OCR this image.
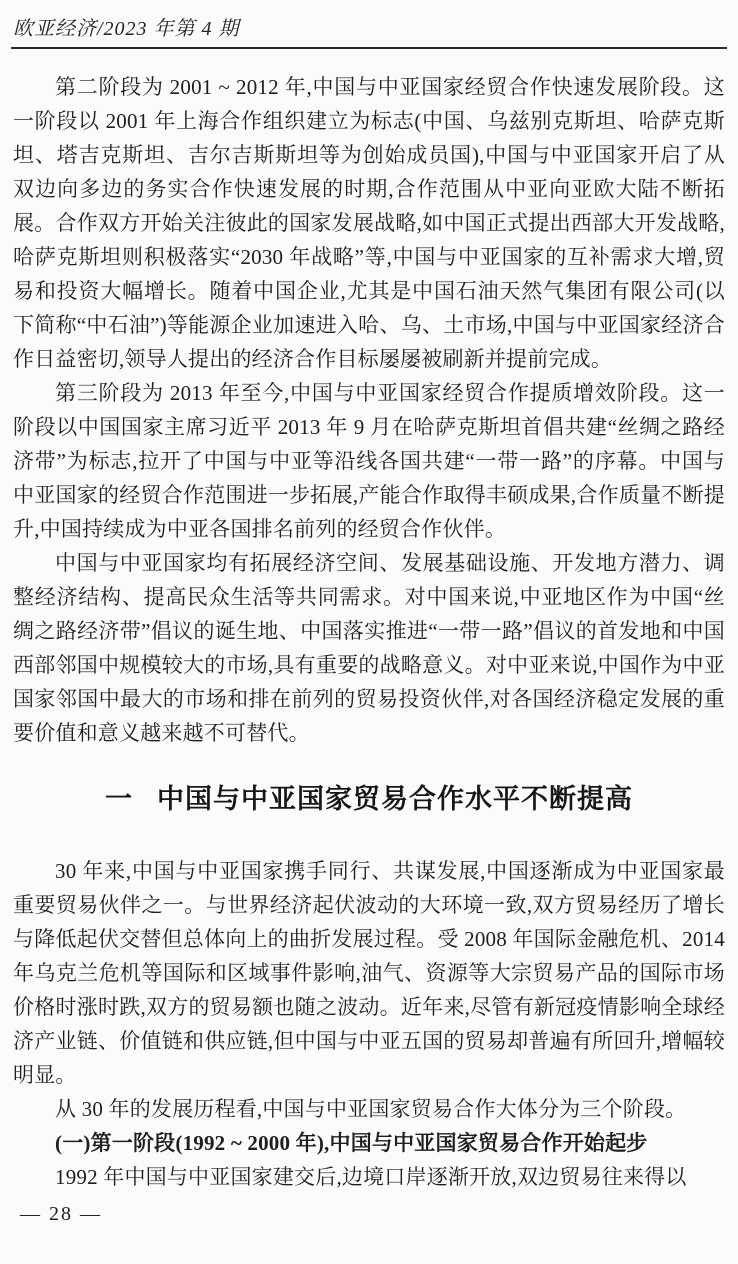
欧亚经济/2023 年第 4 期

第二阶段为 2001 ~ 2012 年,中国与中亚国家经贸合作快速发展阶段。这一阶段以 2001 年上海合作组织建立为标志(中国、乌兹别克斯坦、哈萨克斯坦、塔吉克斯坦、吉尔吉斯斯坦等为创始成员国),中国与中亚国家开启了从双边向多边的务实合作快速发展的时期,合作范围从中亚向亚欧大陆不断拓展。合作双方开始关注彼此的国家发展战略,如中国正式提出西部大开发战略,哈萨克斯坦则积极落实“2030 年战略”等,中国与中亚国家的互补需求大增,贸易和投资大幅增长。随着中国企业,尤其是中国石油天然气集团有限公司(以下简称“中石油”)等能源企业加速进入哈、乌、土市场,中国与中亚国家经济合作日益密切,领导人提出的经济合作目标屡屡被刷新并提前完成。

第三阶段为 2013 年至今,中国与中亚国家经贸合作提质增效阶段。这一阶段以中国国家主席习近平 2013 年 9 月在哈萨克斯坦首倡共建“丝绸之路经济带”为标志,拉开了中国与中亚等沿线各国共建“一带一路”的序幕。中国与中亚国家的经贸合作范围进一步拓展,产能合作取得丰硕成果,合作质量不断提升,中国持续成为中亚各国排名前列的经贸合作伙伴。

中国与中亚国家均有拓展经济空间、发展基础设施、开发地方潜力、调整经济结构、提高民众生活等共同需求。对中国来说,中亚地区作为中国“丝绸之路经济带”倡议的诞生地、中国落实推进“一带一路”倡议的首发地和中国西部邻国中规模较大的市场,具有重要的战略意义。对中亚来说,中国作为中亚国家邻国中最大的市场和排在前列的贸易投资伙伴,对各国经济稳定发展的重要价值和意义越来越不可替代。

一 中国与中亚国家贸易合作水平不断提高

30 年来,中国与中亚国家携手同行、共谋发展,中国逐渐成为中亚国家最重要贸易伙伴之一。与世界经济起伏波动的大环境一致,双方贸易经历了增长与降低起伏交替但总体向上的曲折发展过程。受 2008 年国际金融危机、2014 年乌克兰危机等国际和区域事件影响,油气、资源等大宗贸易产品的国际市场价格时涨时跌,双方的贸易额也随之波动。近年来,尽管有新冠疫情影响全球经济产业链、价值链和供应链,但中国与中亚五国的贸易却普遍有所回升,增幅较明显。

从 30 年的发展历程看,中国与中亚国家贸易合作大体分为三个阶段。

(一)第一阶段(1992 ~ 2000 年),中国与中亚国家贸易合作开始起步

1992 年中国与中亚国家建交后,边境口岸逐渐开放,双边贸易往来得以

— 28 —
